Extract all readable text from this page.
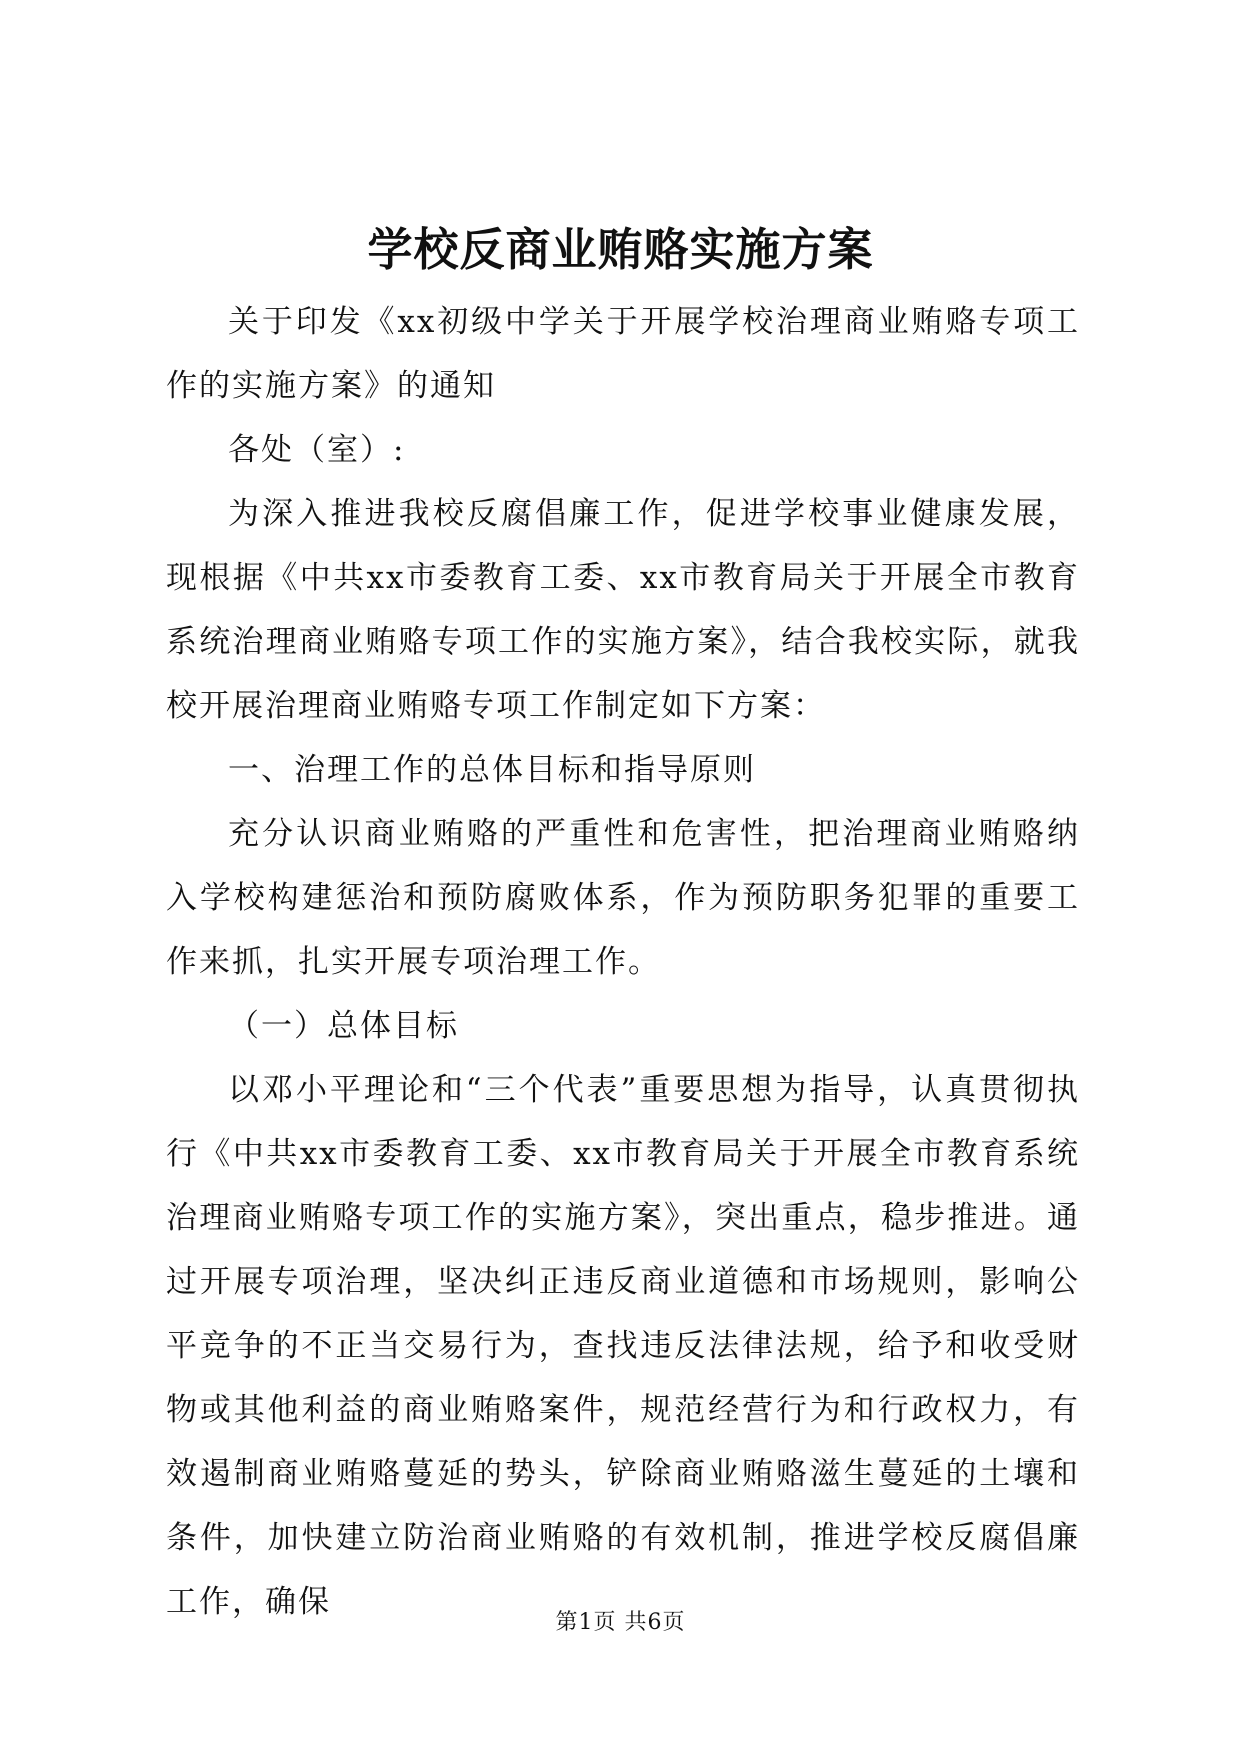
学校反商业贿赂实施方案

关于印发《xx初级中学关于开展学校治理商业贿赂专项工作的实施方案》的通知

各处（室）:

为深入推进我校反腐倡廉工作，促进学校事业健康发展，现根据《中共xx市委教育工委、xx市教育局关于开展全市教育系统治理商业贿赂专项工作的实施方案》，结合我校实际，就我校开展治理商业贿赂专项工作制定如下方案：

一、治理工作的总体目标和指导原则

充分认识商业贿赂的严重性和危害性，把治理商业贿赂纳入学校构建惩治和预防腐败体系，作为预防职务犯罪的重要工作来抓，扎实开展专项治理工作。

（一）总体目标

以邓小平理论和“三个代表”重要思想为指导，认真贯彻执行《中共xx市委教育工委、xx市教育局关于开展全市教育系统治理商业贿赂专项工作的实施方案》，突出重点，稳步推进。通过开展专项治理，坚决纠正违反商业道德和市场规则，影响公平竞争的不正当交易行为，查找违反法律法规，给予和收受财物或其他利益的商业贿赂案件，规范经营行为和行政权力，有效遏制商业贿赂蔓延的势头，铲除商业贿赂滋生蔓延的土壤和条件，加快建立防治商业贿赂的有效机制，推进学校反腐倡廉工作，确保

第1页 共6页
